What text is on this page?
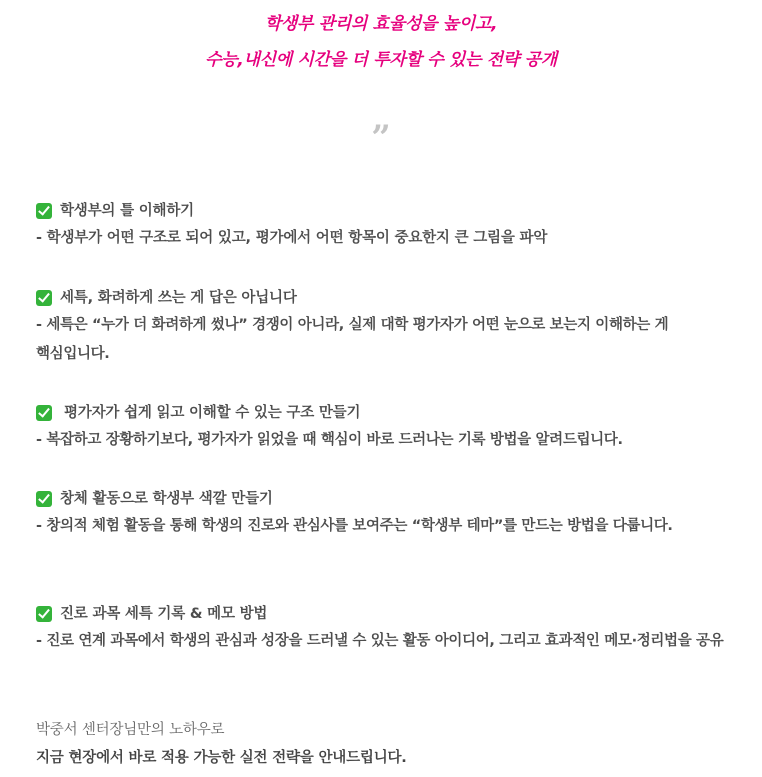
학생부 관리의 효율성을 높이고,
수능,내신에 시간을 더 투자할 수 있는 전략 공개
”
학생부의 틀 이해하기
- 학생부가 어떤 구조로 되어 있고, 평가에서 어떤 항목이 중요한지 큰 그림을 파악
세특, 화려하게 쓰는 게 답은 아닙니다
- 세특은 “누가 더 화려하게 썼나” 경쟁이 아니라, 실제 대학 평가자가 어떤 눈으로 보는지 이해하는 게 핵심입니다.
평가자가 쉽게 읽고 이해할 수 있는 구조 만들기
- 복잡하고 장황하기보다, 평가자가 읽었을 때 핵심이 바로 드러나는 기록 방법을 알려드립니다.
창체 활동으로 학생부 색깔 만들기
- 창의적 체험 활동을 통해 학생의 진로와 관심사를 보여주는 “학생부 테마”를 만드는 방법을 다룹니다.
진로 과목 세특 기록 & 메모 방법
- 진로 연계 과목에서 학생의 관심과 성장을 드러낼 수 있는 활동 아이디어, 그리고 효과적인 메모·정리법을 공유
박중서 센터장님만의 노하우로
지금 현장에서 바로 적용 가능한 실전 전략을 안내드립니다.
